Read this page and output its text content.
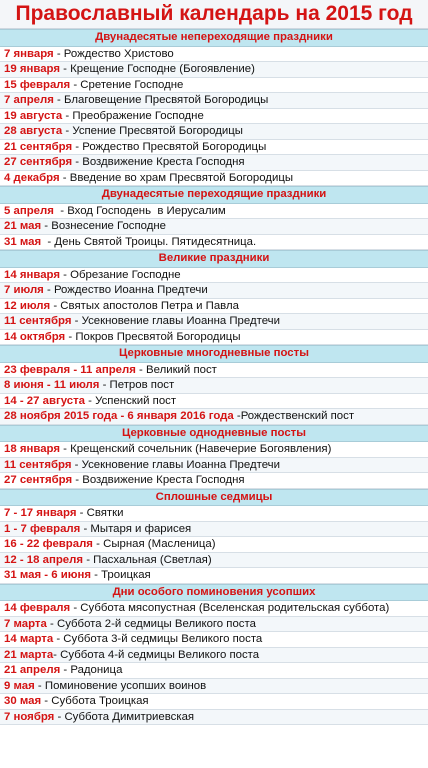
Православный календарь на 2015 год
Двунадесятые непереходящие праздники
7 января - Рождество Христово
19 января - Крещение Господне (Богоявление)
15 февраля - Сретение Господне
7 апреля - Благовещение Пресвятой Богородицы
19 августа - Преображение Господне
28 августа - Успение Пресвятой Богородицы
21 сентября - Рождество Пресвятой Богородицы
27 сентября - Воздвижение Креста Господня
4 декабря - Введение во храм Пресвятой Богородицы
Двунадесятые переходящие праздники
5 апреля  - Вход Господень  в Иерусалим
21 мая - Вознесение Господне
31 мая  - День Святой Троицы. Пятидесятница.
Великие праздники
14 января - Обрезание Господне
7 июля - Рождество Иоанна Предтечи
12 июля - Святых апостолов Петра и Павла
11 сентября - Усекновение главы Иоанна Предтечи
14 октября - Покров Пресвятой Богородицы
Церковные многодневные посты
23 февраля - 11 апреля - Великий пост
8 июня - 11 июля - Петров пост
14 - 27 августа - Успенский пост
28 ноября 2015 года - 6 января 2016 года -Рождественский пост
Церковные однодневные посты
18 января - Крещенский сочельник (Навечерие Богоявления)
11 сентября - Усекновение главы Иоанна Предтечи
27 сентября - Воздвижение Креста Господня
Сплошные седмицы
7 - 17 января - Святки
1 - 7 февраля - Мытаря и фарисея
16 - 22 февраля - Сырная (Масленица)
12 - 18 апреля - Пасхальная (Светлая)
31 мая - 6 июня - Троицкая
Дни особого поминовения усопших
14 февраля - Суббота мясопустная (Вселенская родительская суббота)
7 марта - Суббота 2-й седмицы Великого поста
14 марта - Суббота 3-й седмицы Великого поста
21 марта- Суббота 4-й седмицы Великого поста
21 апреля - Радоница
9 мая - Поминовение усопших воинов
30 мая - Суббота Троицкая
7 ноября - Суббота Димитриевская
